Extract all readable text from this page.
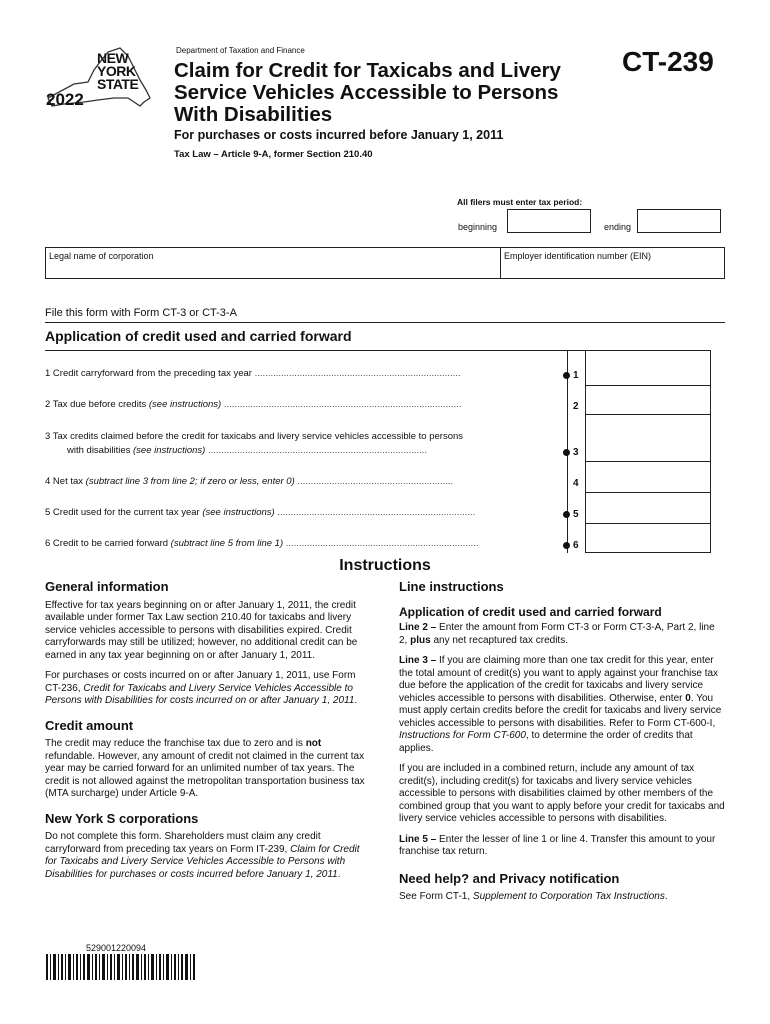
NEW
YORK
STATE
2022
Department of Taxation and Finance
Claim for Credit for Taxicabs and Livery
Service Vehicles Accessible to Persons
With Disabilities
CT-239
For purchases or costs incurred before January 1, 2011
Tax Law – Article 9-A, former Section 210.40
All filers must enter tax period:
beginning	ending
Legal name of corporation	Employer identification number (EIN)
File this form with Form CT-3 or CT-3-A
Application of credit used and carried forward
1 Credit carryforward from the preceding tax year ..............................................................................	1
2 Tax due before credits (see instructions) ..........................................................................................	2
3 Tax credits claimed before the credit for taxicabs and livery service vehicles accessible to persons
with disabilities (see instructions) ...................................................................................	3
4 Net tax (subtract line 3 from line 2; if zero or less, enter 0) ...........................................................	4
5 Credit used for the current tax year (see instructions) ...........................................................................	5
6 Credit to be carried forward (subtract line 5 from line 1) .........................................................................	6
Instructions
General information

Effective for tax years beginning on or after January 1, 2011, the credit available under former Tax Law section 210.40 for taxicabs and livery service vehicles accessible to persons with disabilities expired. Credit carryforwards may still be utilized; however, no additional credit can be earned in any tax year beginning on or after January 1, 2011.

For purchases or costs incurred on or after January 1, 2011, use Form CT-236, Credit for Taxicabs and Livery Service Vehicles Accessible to Persons with Disabilities for costs incurred on or after January 1, 2011.

Credit amount

The credit may reduce the franchise tax due to zero and is not refundable. However, any amount of credit not claimed in the current tax year may be carried forward for an unlimited number of tax years. The credit is not allowed against the metropolitan transportation business tax (MTA surcharge) under Article 9-A.

New York S corporations

Do not complete this form. Shareholders must claim any credit carryforward from preceding tax years on Form IT-239, Claim for Credit for Taxicabs and Livery Service Vehicles Accessible to Persons with Disabilities for purchases or costs incurred before January 1, 2011.

Line instructions
Application of credit used and carried forward

Line 2 – Enter the amount from Form CT-3 or Form CT-3-A, Part 2, line 2, plus any net recaptured tax credits.

Line 3 – If you are claiming more than one tax credit for this year, enter the total amount of credit(s) you want to apply against your franchise tax due before the application of the credit for taxicabs and livery service vehicles accessible to persons with disabilities. Otherwise, enter 0. You must apply certain credits before the credit for taxicabs and livery service vehicles accessible to persons with disabilities. Refer to Form CT-600-I, Instructions for Form CT-600, to determine the order of credits that applies.

If you are included in a combined return, include any amount of tax credit(s), including credit(s) for taxicabs and livery service vehicles accessible to persons with disabilities claimed by other members of the combined group that you want to apply before your credit for taxicabs and livery service vehicles accessible to persons with disabilities.

Line 5 – Enter the lesser of line 1 or line 4. Transfer this amount to your franchise tax return.

Need help? and Privacy notification

See Form CT-1, Supplement to Corporation Tax Instructions.

529001220094
